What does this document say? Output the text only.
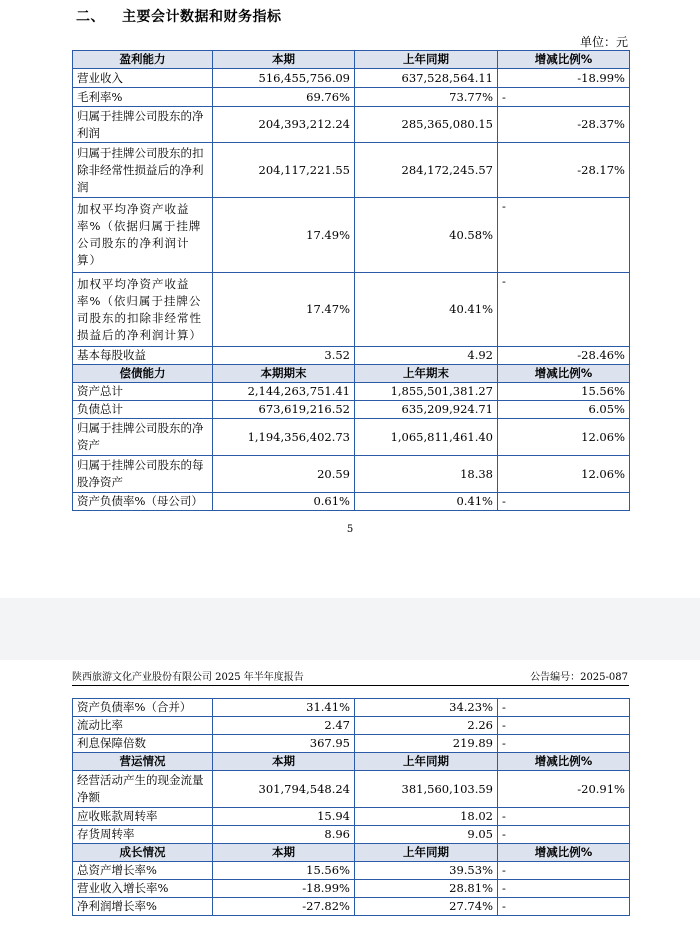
二、 主要会计数据和财务指标
单位：元
盈利能力	本期	上年同期	增减比例%
营业收入	516,455,756.09	637,528,564.11	-18.99%
毛利率%	69.76%	73.77%	-
归属于挂牌公司股东的净利润	204,393,212.24	285,365,080.15	-28.37%
归属于挂牌公司股东的扣除非经常性损益后的净利润	204,117,221.55	284,172,245.57	-28.17%
加权平均净资产收益率%（依据归属于挂牌公司股东的净利润计算）	17.49%	40.58%	-
加权平均净资产收益率%（依归属于挂牌公司股东的扣除非经常性损益后的净利润计算）	17.47%	40.41%	-
基本每股收益	3.52	4.92	-28.46%
偿债能力	本期期末	上年期末	增减比例%
资产总计	2,144,263,751.41	1,855,501,381.27	15.56%
负债总计	673,619,216.52	635,209,924.71	6.05%
归属于挂牌公司股东的净资产	1,194,356,402.73	1,065,811,461.40	12.06%
归属于挂牌公司股东的每股净资产	20.59	18.38	12.06%
资产负债率%（母公司）	0.61%	0.41%	-
5
陕西旅游文化产业股份有限公司 2025 年半年度报告	公告编号：2025-087
资产负债率%（合并）	31.41%	34.23%	-
流动比率	2.47	2.26	-
利息保障倍数	367.95	219.89	-
营运情况	本期	上年同期	增减比例%
经营活动产生的现金流量净额	301,794,548.24	381,560,103.59	-20.91%
应收账款周转率	15.94	18.02	-
存货周转率	8.96	9.05	-
成长情况	本期	上年同期	增减比例%
总资产增长率%	15.56%	39.53%	-
营业收入增长率%	-18.99%	28.81%	-
净利润增长率%	-27.82%	27.74%	-
